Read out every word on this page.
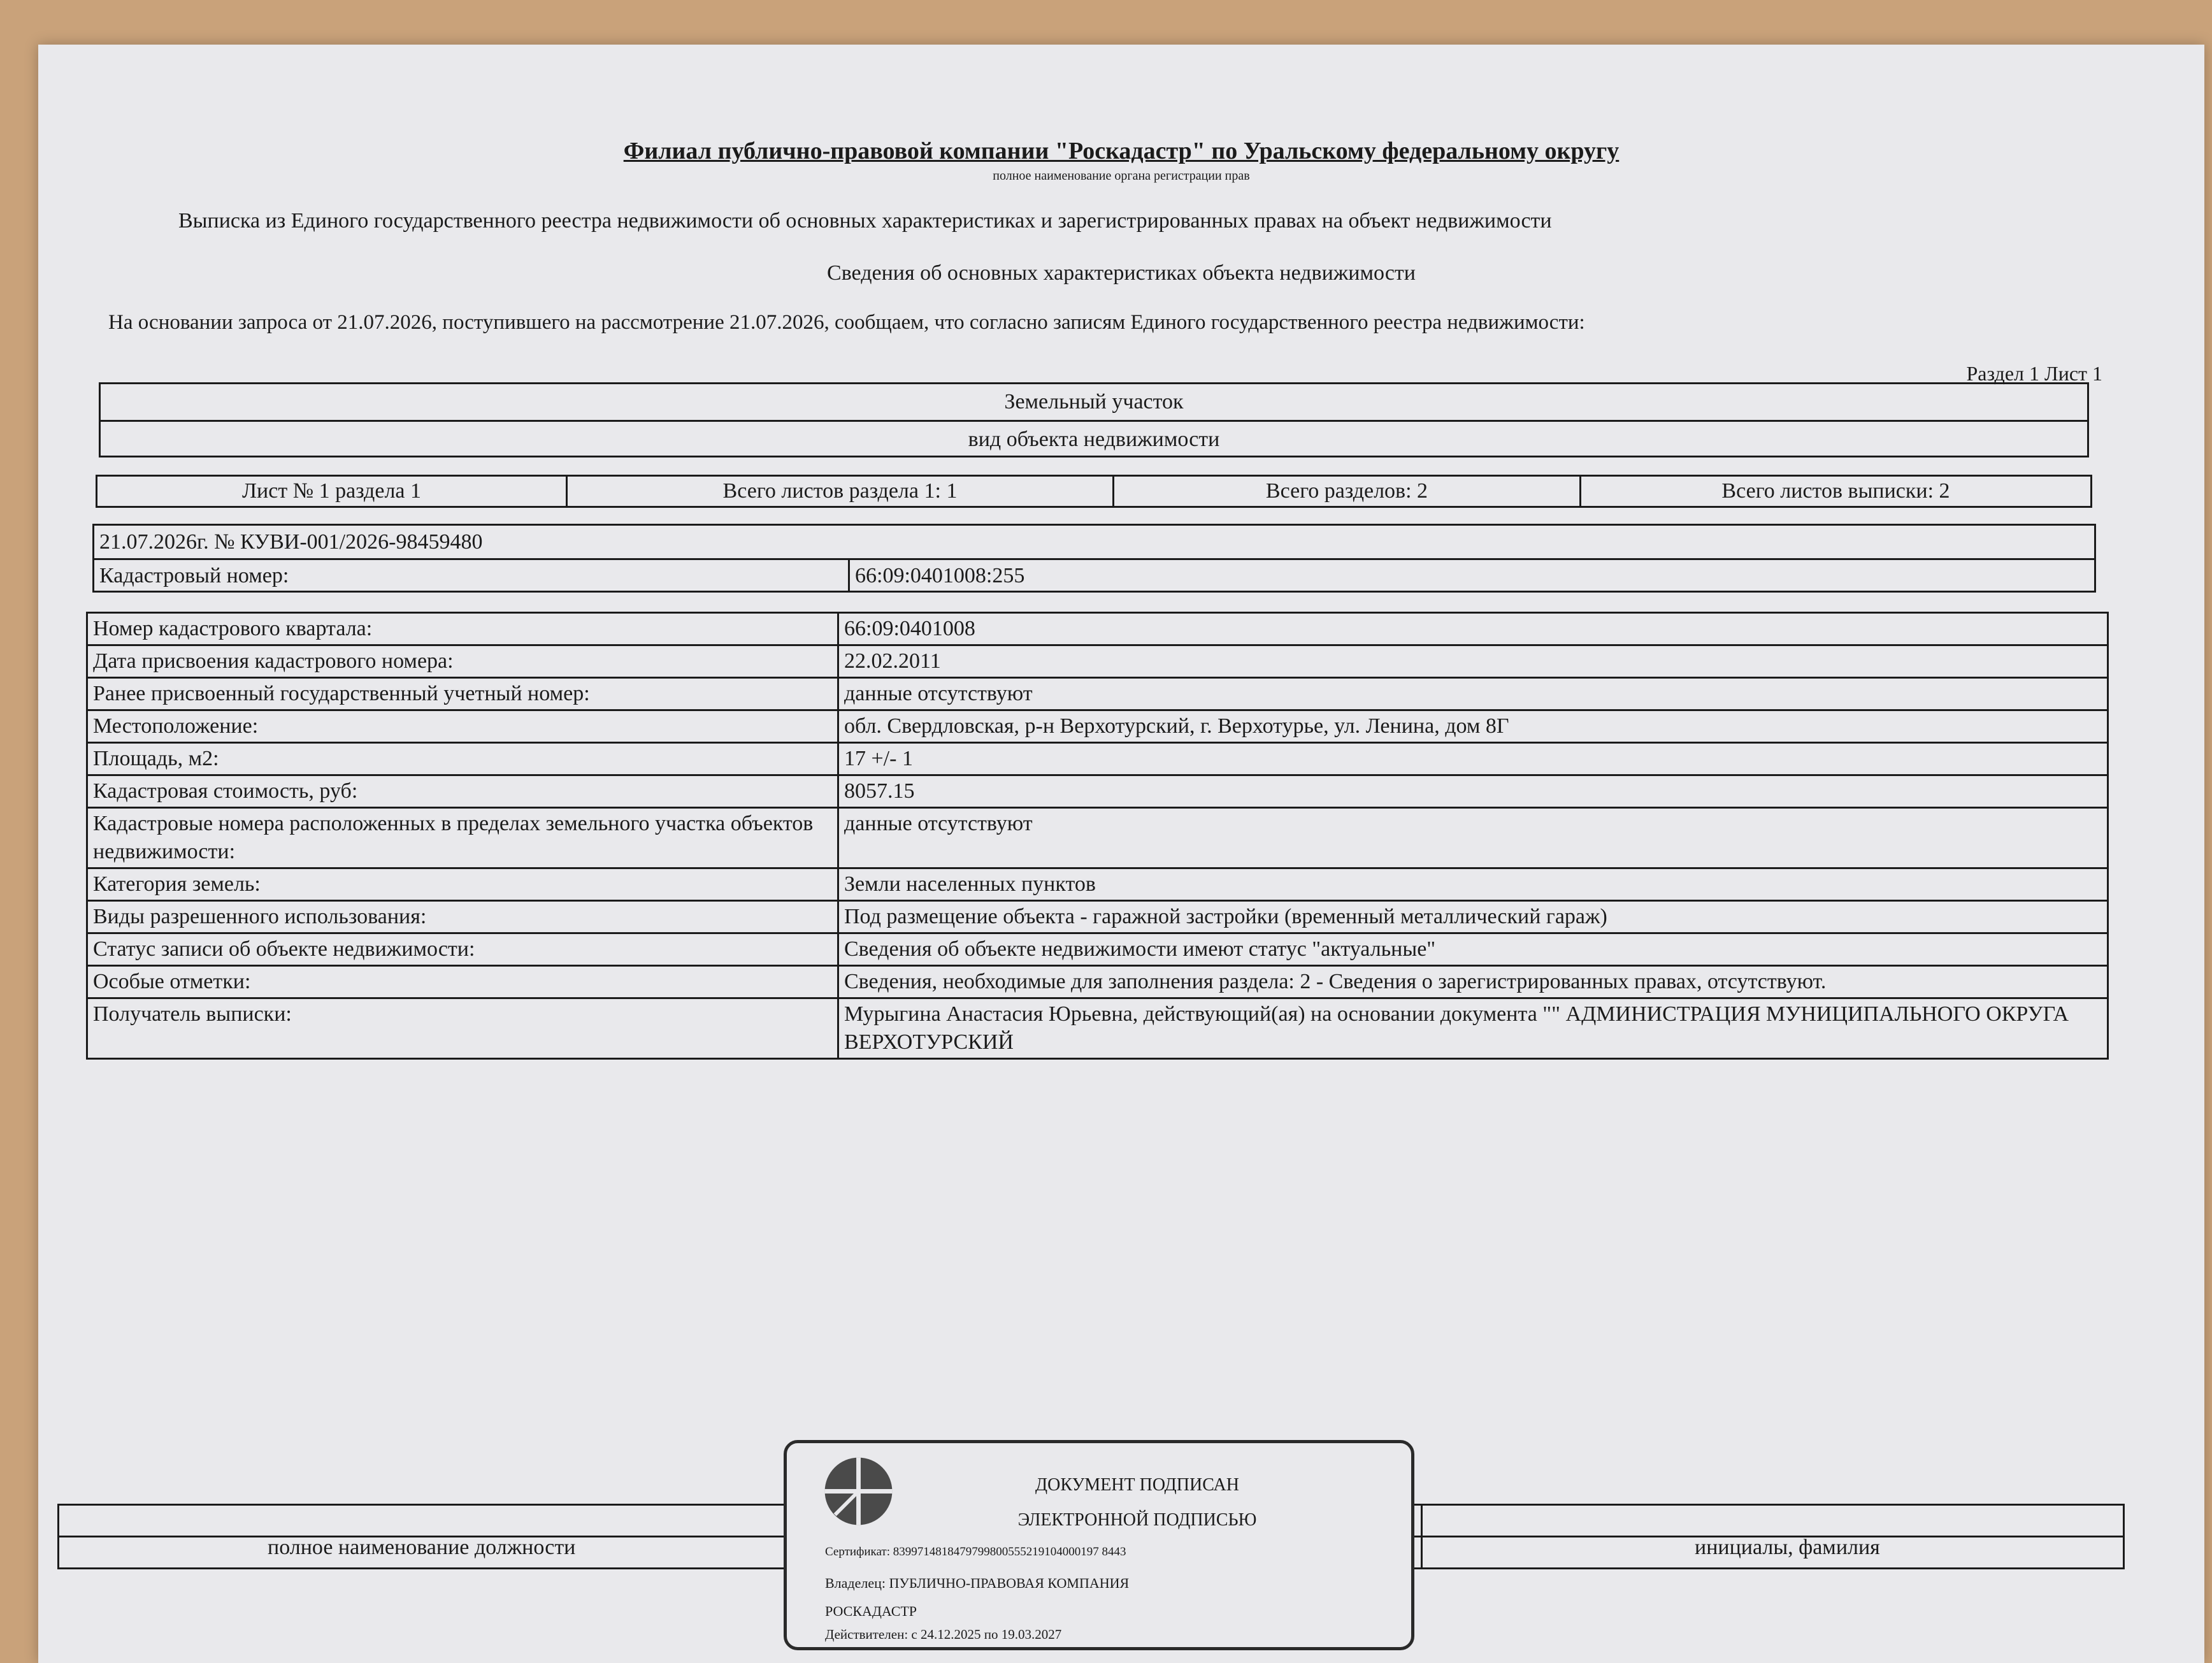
Филиал публично-правовой компании "Роскадастр" по Уральскому федеральному округу
полное наименование органа регистрации прав
Выписка из Единого государственного реестра недвижимости об основных характеристиках и зарегистрированных правах на объект недвижимости
Сведения об основных характеристиках объекта недвижимости
На основании запроса от 21.07.2026, поступившего на рассмотрение 21.07.2026, сообщаем, что согласно записям Единого государственного реестра недвижимости:
Раздел 1 Лист 1
Земельный участок
вид объекта недвижимости
Лист № 1 раздела 1	Всего листов раздела 1: 1	Всего разделов: 2	Всего листов выписки: 2
21.07.2026г. № КУВИ-001/2026-98459480
Кадастровый номер:	66:09:0401008:255
Номер кадастрового квартала:	66:09:0401008
Дата присвоения кадастрового номера:	22.02.2011
Ранее присвоенный государственный учетный номер:	данные отсутствуют
Местоположение:	обл. Свердловская, р-н Верхотурский, г. Верхотурье, ул. Ленина, дом 8Г
Площадь, м2:	17 +/- 1
Кадастровая стоимость, руб:	8057.15
Кадастровые номера расположенных в пределах земельного участка объектов недвижимости:	данные отсутствуют
Категория земель:	Земли населенных пунктов
Виды разрешенного использования:	Под размещение объекта - гаражной застройки (временный металлический гараж)
Статус записи об объекте недвижимости:	Сведения об объекте недвижимости имеют статус "актуальные"
Особые отметки:	Сведения, необходимые для заполнения раздела: 2 - Сведения о зарегистрированных правах, отсутствуют.
Получатель выписки:	Мурыгина Анастасия Юрьевна, действующий(ая) на основании документа "" АДМИНИСТРАЦИЯ МУНИЦИПАЛЬНОГО ОКРУГА ВЕРХОТУРСКИЙ
полное наименование должности	инициалы, фамилия
ДОКУМЕНТ ПОДПИСАН
ЭЛЕКТРОННОЙ ПОДПИСЬЮ
Сертификат: 8399714818479799800555219104000197 8443
Владелец: ПУБЛИЧНО-ПРАВОВАЯ КОМПАНИЯ РОСКАДАСТР
Действителен: с 24.12.2025 по 19.03.2027
